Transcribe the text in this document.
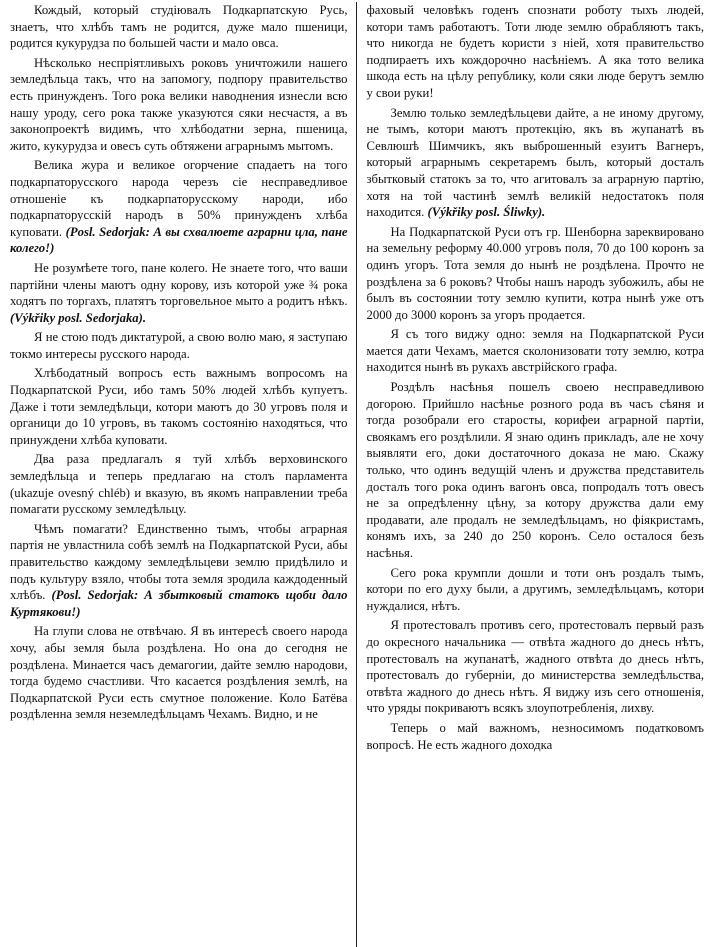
Кождый, который студіювалъ Подкарпатскую Русь, знаетъ, что хлѣбъ тамъ не родится, дуже мало пшеници, родится кукурудза по большей части и мало овса.

Нѣсколько неспріятливыхъ роковъ уничтожили нашего земледѣльца такъ, что на запомогу, подпору правительство есть принужденъ. Того рока велики наводнения изнесли всю нашу уроду, сего рока также указуются сяки несчастя, а въ законопроектѣ видимъ, что хлѣбодатни зерна, пшеница, жито, кукурудза и овесъ суть обтяжени аграрнымъ мытомъ.

Велика жура и великое огорчение спадаетъ на того подкарпаторусского народа черезъ сіе несправедливое отношеніе къ подкарпаторусскому народи, ибо подкарпаторусскій народъ в 50% принужденъ хлѣба куповати. (Posl. Sedorjak: А вы схвалюете аграрни цла, пане колего!)

Не розумѣете того, пане колего. Не знаете того, что ваши партійни члены маютъ одну корову, изъ которой уже ¾ рока ходятъ по торгахъ, платятъ торговельное мыто а родитъ нѣкъ. (Výkřiky posl. Sedorjaka).

Я не стою подъ диктатурой, а свою волю маю, я заступаю токмо интересы русского народа.

Хлѣбодатный вопросъ есть важнымъ вопросомъ на Подкарпатской Руси, ибо тамъ 50% людей хлѣбъ купуетъ. Даже і тоти земледѣльци, котори маютъ до 30 угровъ поля и органици до 10 угровъ, въ такомъ состоянію находяться, что принуждени хлѣба куповати.

Два раза предлагалъ я туй хлѣбъ верховинского земледѣльца и теперь предлагаю на столъ парламента (ukazuje ovesný chléb) и вказую, въ якомъ направлении треба помагати русскому земледѣльцу.

Чѣмъ помагати? Единственно тымъ, чтобы аграрная партія не увластнила собѣ землѣ на Подкарпатской Руси, абы правительство каждому земледѣльцеви землю придѣлило и подъ культуру взяло, чтобы тота земля зродила каждоденный хлѣбъ. (Posl. Sedorjak: А збытковый статокъ щоби дало Куртякови!)

На глупи слова не отвѣчаю. Я въ интересѣ своего народа хочу, абы земля была роздѣлена. Но она до сегодня не роздѣлена. Минается часъ демагогии, дайте землю народови, тогда будемо счастливи. Что касается роздѣления землѣ, на Подкарпатской Руси есть смутное положение. Коло Батёва роздѣленна земля неземледѣльцамъ Чехамъ. Видно, и не

фаховый человѣкъ годенъ спознати роботу тыхъ людей, котори тамъ работаютъ. Тоти люде землю обрабляютъ такъ, что никогда не будетъ користи з нiей, хотя правительство подпираетъ ихъ кождорочно насѣнiемъ. А яка тото велика шкода есть на цѣлу републику, коли сяки люде берутъ землю у свои руки!

Землю только земледѣльцеви дайте, а не иному другому, не тымъ, котори маютъ протекцію, якъ въ жупанатѣ въ Севлюшѣ Шимчикъ, якъ выброшенный езуитъ Вагнеръ, который аграрнымъ секретаремъ былъ, который досталъ збытковый статокъ за то, что агитовалъ за аграрную партію, хотя на той частинѣ землѣ великій недостатокъ поля находится. (Výkřiky posl. Śliwky).

На Подкарпатской Руси отъ гр. Шенборна зареквировано на земельну реформу 40.000 угровъ поля, 70 до 100 коронъ за одинъ угоръ. Тота земля до нынѣ не роздѣлена. Прочто не роздѣлена за 6 роковъ? Чтобы нашъ народъ зубожилъ, абы не былъ въ состоянии тоту землю купити, котра нынѣ уже отъ 2000 до 3000 коронъ за угоръ продается.

Я съ того виджу одно: земля на Подкарпатской Руси мается дати Чехамъ, мается сколонизовати тоту землю, котра находится нынѣ въ рукахъ австрійского графа.

Роздѣлъ насѣнья пошелъ своею несправедливою догорою. Прийшло насѣнье розного рода въ часъ сѣяня и тогда розобрали его старосты, корифеи аграрной партіи, своякамъ его роздѣлили. Я знаю одинъ прикладъ, але не хочу выявляти его, доки достаточного доказа не маю. Скажу только, что одинъ ведущій членъ и дружства представитель досталъ того рока одинъ вагонъ овса, попродалъ тотъ овесъ не за опредѣленну цѣну, за котору дружства дали ему продавати, але продалъ не земледѣльцамъ, но фiякристамъ, конямъ ихъ, за 240 до 250 коронъ. Село осталося безъ насѣнья.

Сего рока крумпли дошли и тоти онъ роздалъ тымъ, котори по его духу были, а другимъ, земледѣльцамъ, котори нуждалися, нѣтъ.

Я протестовалъ противъ сего, протестовалъ первый разъ до окресного начальника — отвѣта жадного до днесь нѣтъ, протестовалъ на жупанатѣ, жадного отвѣта до днесь нѣтъ, протестовалъ до губерніи, до министерства земледѣльства, отвѣта жадного до днесь нѣтъ. Я виджу изъ сего отношенія, что уряды покриваютъ всякъ злоупотребленія, лихву.

Теперь о май важномъ, незносимомъ податковомъ вопросѣ. Не есть жадного доходка
